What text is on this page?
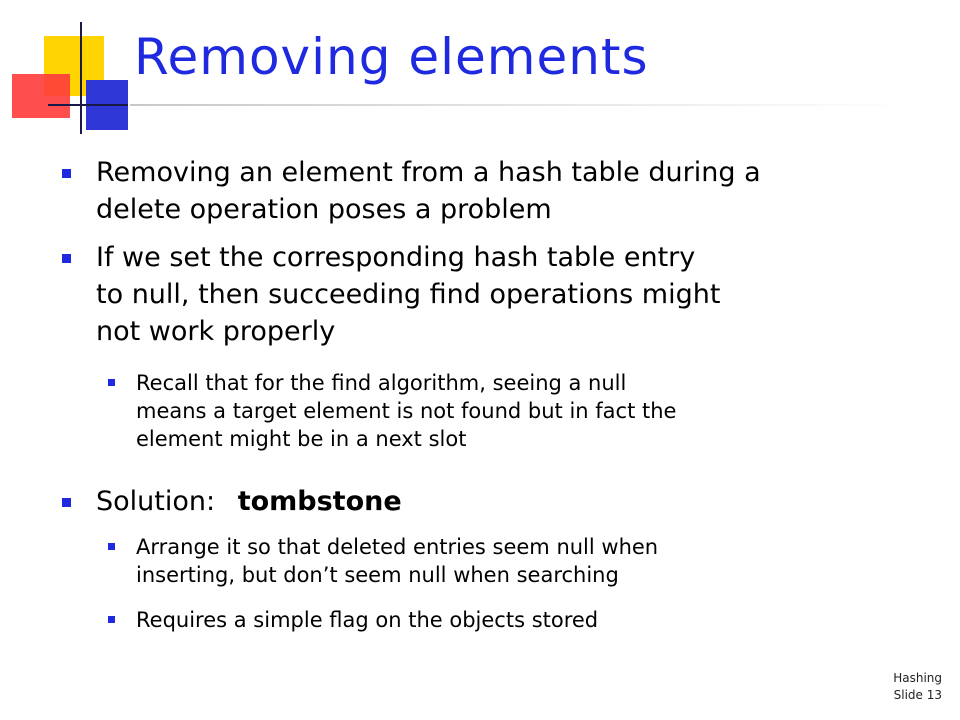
Removing elements
Removing an element from a hash table during a
delete operation poses a problem
If we set the corresponding hash table entry
to null, then succeeding find operations might
not work properly
Recall that for the find algorithm, seeing a null
means a target element is not found but in fact the
element might be in a next slot
Solution: tombstone
Arrange it so that deleted entries seem null when
inserting, but don’t seem null when searching
Requires a simple flag on the objects stored
Hashing
Slide 13
